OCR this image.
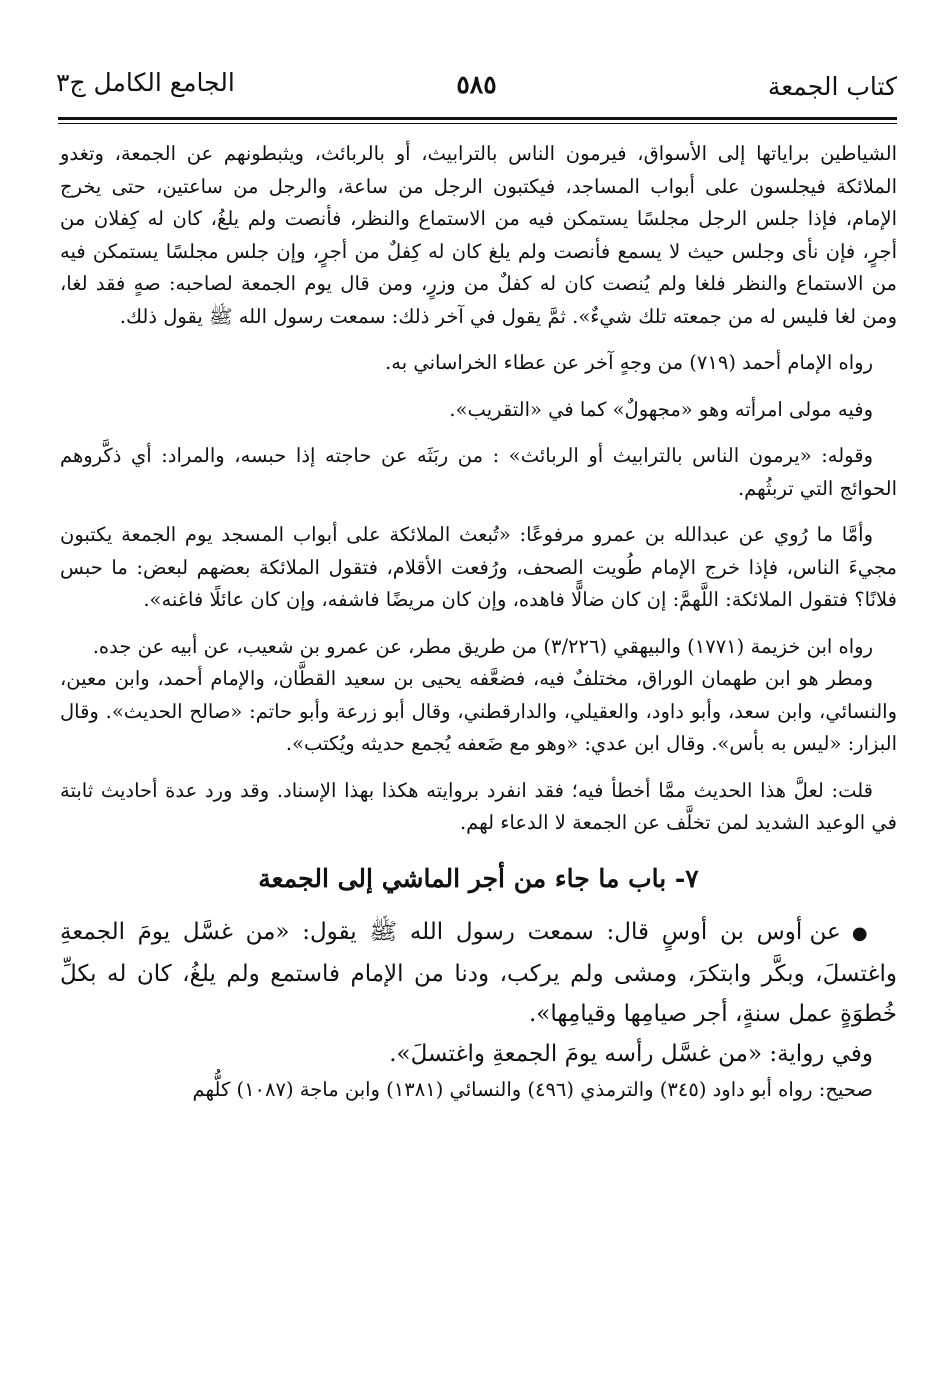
كتاب الجمعة
٥٨٥
الجامع الكامل ج٣

الشياطين براياتها إلى الأسواق، فيرمون الناس بالترابيث، أو بالربائث، ويثبطونهم عن الجمعة، وتغدو الملائكة فيجلسون على أبواب المساجد، فيكتبون الرجل من ساعة، والرجل من ساعتين، حتى يخرج الإمام، فإذا جلس الرجل مجلسًا يستمكن فيه من الاستماع والنظر، فأنصت ولم يلغُ، كان له كِفلان من أجرٍ، فإن نأى وجلس حيث لا يسمع فأنصت ولم يلغ كان له كِفلٌ من أجرٍ، وإن جلس مجلسًا يستمكن فيه من الاستماع والنظر فلغا ولم يُنصت كان له كفلٌ من وزرٍ، ومن قال يوم الجمعة لصاحبه: صهٍ فقد لغا، ومن لغا فليس له من جمعته تلك شيءٌ». ثمَّ يقول في آخر ذلك: سمعت رسول الله ﷺ يقول ذلك.

رواه الإمام أحمد (٧١٩) من وجهٍ آخر عن عطاء الخراساني به.

وفيه مولى امرأته وهو «مجهولٌ» كما في «التقريب».

وقوله: «يرمون الناس بالترابيث أو الربائث» : من ربَثَه عن حاجته إذا حبسه، والمراد: أي ذكَّروهم الحوائج التي تربثُهم.

وأمَّا ما رُوي عن عبدالله بن عمرو مرفوعًا: «تُبعث الملائكة على أبواب المسجد يوم الجمعة يكتبون مجيءَ الناس، فإذا خرج الإمام طُويت الصحف، ورُفعت الأقلام، فتقول الملائكة بعضهم لبعض: ما حبس فلانًا؟ فتقول الملائكة: اللَّهمَّ: إن كان ضالًّا فاهده، وإن كان مريضًا فاشفه، وإن كان عائلًا فاغنه».

رواه ابن خزيمة (١٧٧١) والبيهقي (٣/٢٢٦) من طريق مطر، عن عمرو بن شعيب، عن أبيه عن جده.

ومطر هو ابن طهمان الوراق، مختلفٌ فيه، فضعَّفه يحيى بن سعيد القطَّان، والإمام أحمد، وابن معين، والنسائي، وابن سعد، وأبو داود، والعقيلي، والدارقطني، وقال أبو زرعة وأبو حاتم: «صالح الحديث». وقال البزار: «ليس به بأس». وقال ابن عدي: «وهو مع ضَعفه يُجمع حديثه ويُكتب».

قلت: لعلَّ هذا الحديث ممَّا أخطأ فيه؛ فقد انفرد بروايته هكذا بهذا الإسناد. وقد ورد عدة أحاديث ثابتة في الوعيد الشديد لمن تخلَّف عن الجمعة لا الدعاء لهم.

٧- باب ما جاء من أجر الماشي إلى الجمعة

● عن أوس بن أوسٍ قال: سمعت رسول الله ﷺ يقول: «من غسَّل يومَ الجمعةِ واغتسلَ، وبكَّر وابتكرَ، ومشى ولم يركب، ودنا من الإمام فاستمع ولم يلغُ، كان له بكلِّ خُطوَةٍ عمل سنةٍ، أجر صيامِها وقيامِها».

وفي رواية: «من غسَّل رأسه يومَ الجمعةِ واغتسلَ».

صحيح: رواه أبو داود (٣٤٥) والترمذي (٤٩٦) والنسائي (١٣٨١) وابن ماجة (١٠٨٧) كلُّهم
